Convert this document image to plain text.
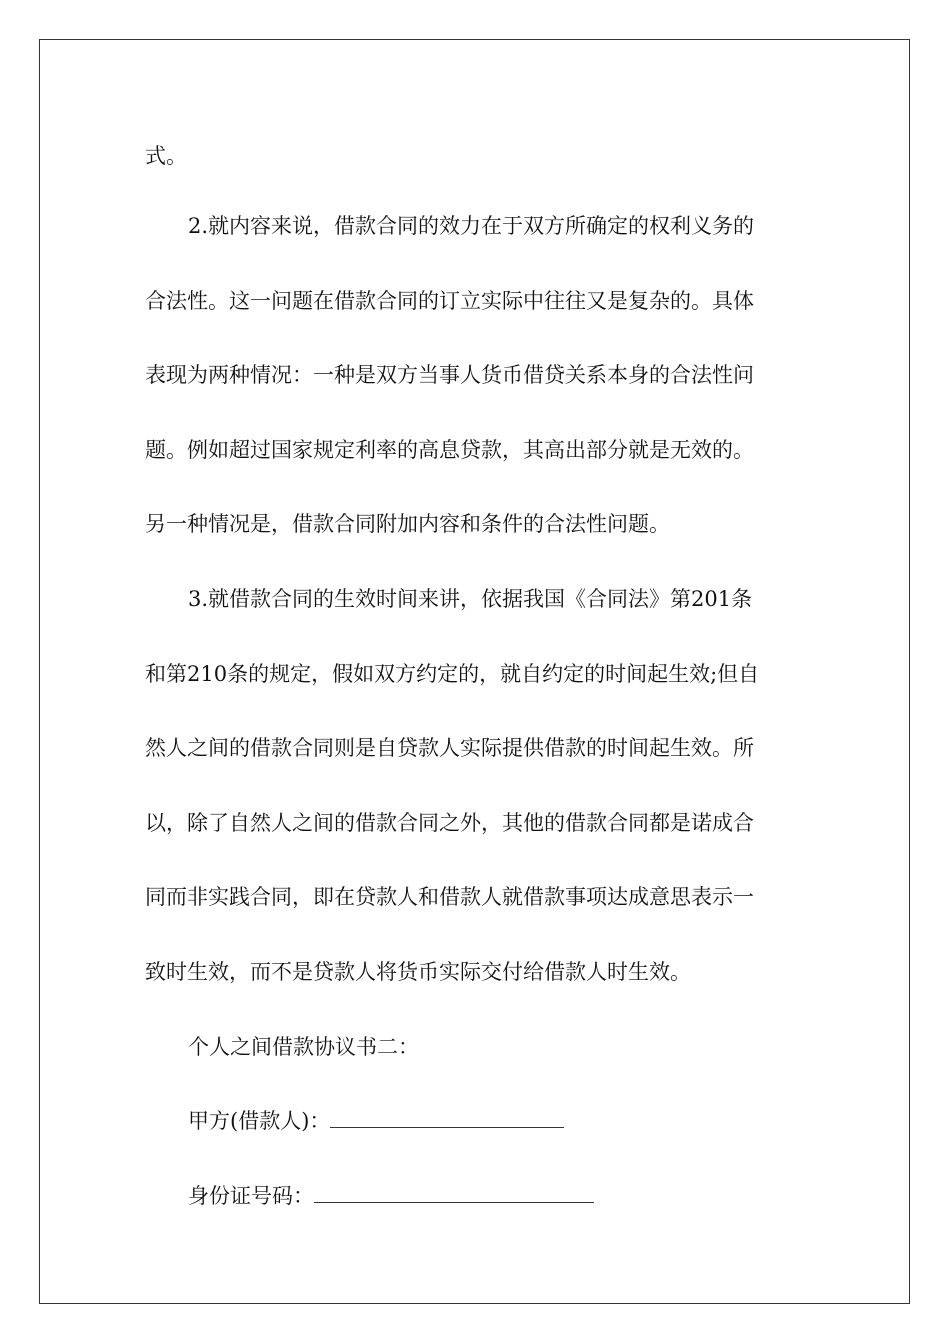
式。
2.就内容来说，借款合同的效力在于双方所确定的权利义务的
合法性。这一问题在借款合同的订立实际中往往又是复杂的。具体
表现为两种情况：一种是双方当事人货币借贷关系本身的合法性问
题。例如超过国家规定利率的高息贷款，其高出部分就是无效的。
另一种情况是，借款合同附加内容和条件的合法性问题。
3.就借款合同的生效时间来讲，依据我国《合同法》第201条
和第210条的规定，假如双方约定的，就自约定的时间起生效;但自
然人之间的借款合同则是自贷款人实际提供借款的时间起生效。所
以，除了自然人之间的借款合同之外，其他的借款合同都是诺成合
同而非实践合同，即在贷款人和借款人就借款事项达成意思表示一
致时生效，而不是贷款人将货币实际交付给借款人时生效。
个人之间借款协议书二：
甲方(借款人)：
身份证号码：
